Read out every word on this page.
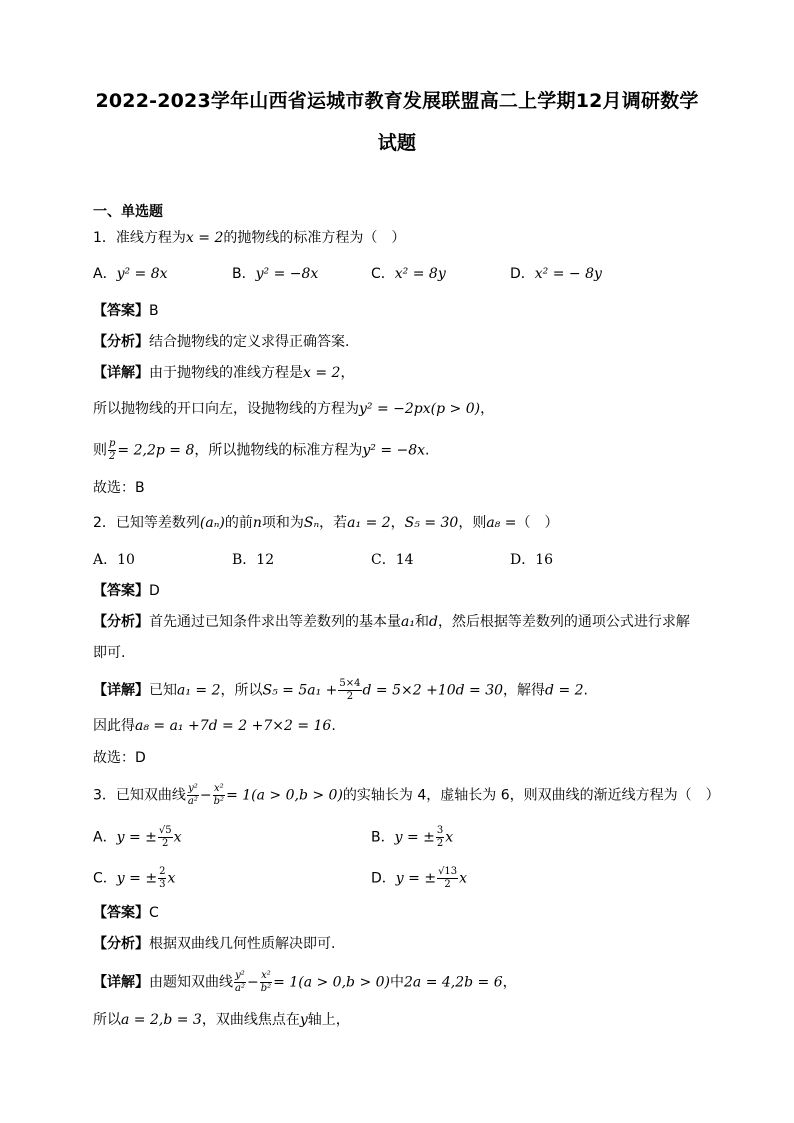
2022-2023学年山西省运城市教育发展联盟高二上学期12月调研数学
试题
一、单选题
1．准线方程为x = 2的抛物线的标准方程为（　）
A．y² = 8x	B．y² = −8x	C．x² = 8y	D．x² = − 8y
【答案】B
【分析】结合抛物线的定义求得正确答案.
【详解】由于抛物线的准线方程是x = 2，
所以抛物线的开口向左，设抛物线的方程为y² = −2px(p > 0)，
则 $\frac{p}{2} = 2,2p = 8$，所以抛物线的标准方程为y² = −8x.
故选：B
2．已知等差数列(aₙ)的前n项和为Sₙ，若a₁ = 2，S₅ = 30，则a₈ =（　）
A．10	B．12	C．14	D．16
【答案】D
【分析】首先通过已知条件求出等差数列的基本量a₁和d，然后根据等差数列的通项公式进行求解
即可.
【详解】已知a₁ = 2，所以$S_5 = 5a_1 + \frac{5\times 4}{2}$ d = 5×2 +10d = 30，解得d = 2.
因此得a₈ = a₁ +7d = 2 +7×2 = 16.
故选：D
3．已知双曲线 $\frac{\text{y²}}{\text{a²}} - \frac{\text{x²}}{\text{b²}} = 1(a > 0,b > 0)$的实轴长为 4，虚轴长为 6，则双曲线的渐近线方程为（　）
A．y = ± $\frac{√5}{2}$ x	B．y = ± $\frac{3}{2}$ x
C．y = ± $\frac{2}{3}$ x	D．y = ± $\frac{√13}{2}$ x
【答案】C
【分析】根据双曲线几何性质解决即可.
【详解】由题知双曲线 $\frac{\text{y²}}{\text{a²}} - \frac{\text{x²}}{\text{b²}} = 1(a > 0,b > 0)$中2a = 4,2b = 6，
所以a = 2,b = 3，双曲线焦点在y轴上，
